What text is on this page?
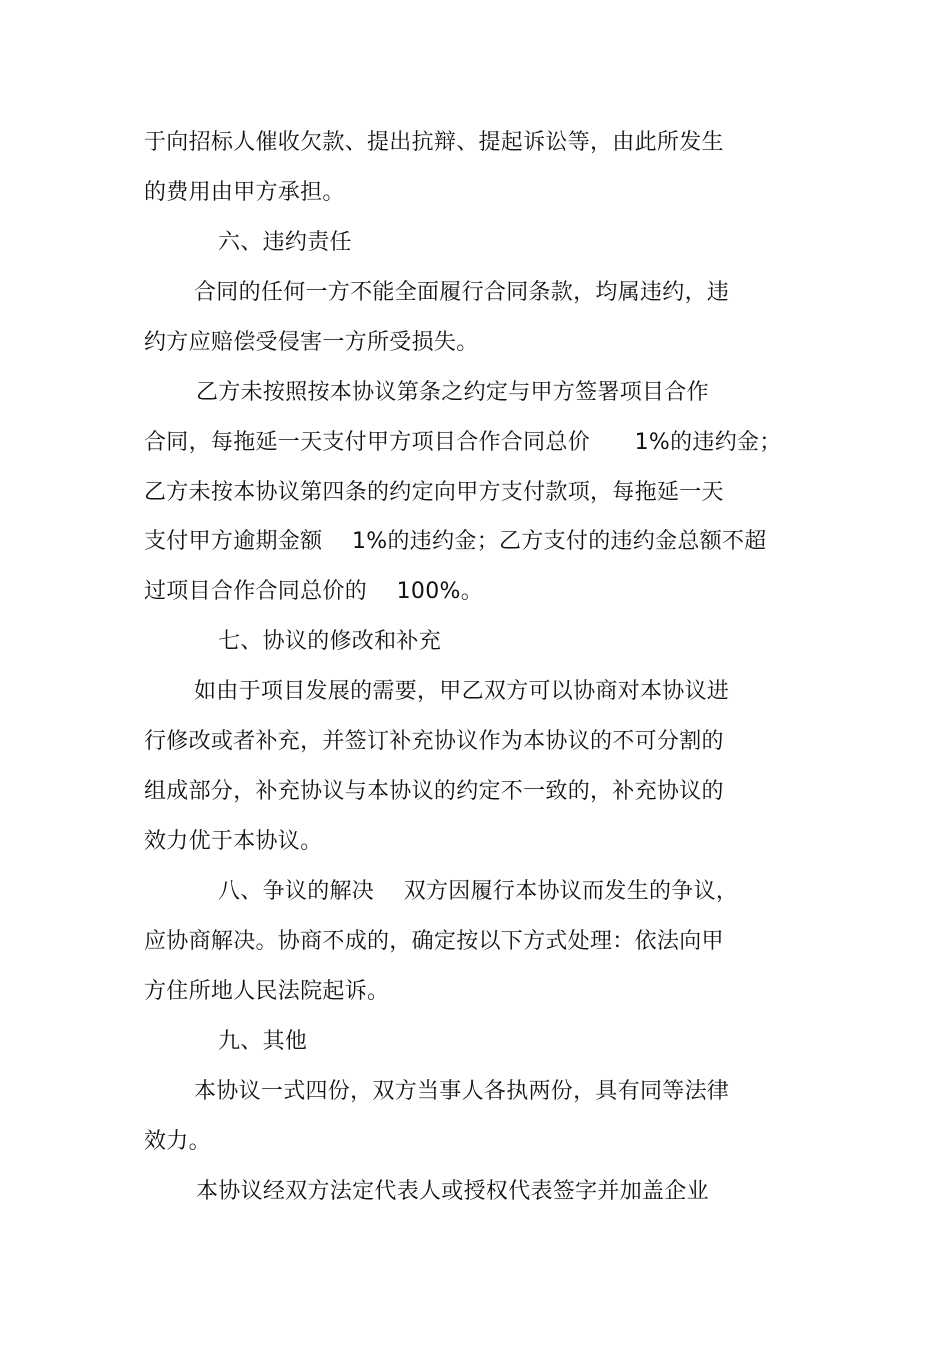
于向招标人催收欠款、提出抗辩、提起诉讼等，由此所发生
的费用由甲方承担。
六、违约责任
合同的任何一方不能全面履行合同条款，均属违约，违
约方应赔偿受侵害一方所受损失。
乙方未按照按本协议第条之约定与甲方签署项目合作
合同，每拖延一天支付甲方项目合作合同总价　　1%的违约金；
乙方未按本协议第四条的约定向甲方支付款项，每拖延一天
支付甲方逾期金额　 1%的违约金；乙方支付的违约金总额不超
过项目合作合同总价的　 100%。
七、协议的修改和补充
如由于项目发展的需要，甲乙双方可以协商对本协议进
行修改或者补充，并签订补充协议作为本协议的不可分割的
组成部分，补充协议与本协议的约定不一致的，补充协议的
效力优于本协议。
八、争议的解决　 双方因履行本协议而发生的争议，
应协商解决。协商不成的，确定按以下方式处理：依法向甲
方住所地人民法院起诉。
九、其他
本协议一式四份，双方当事人各执两份，具有同等法律
效力。
本协议经双方法定代表人或授权代表签字并加盖企业
